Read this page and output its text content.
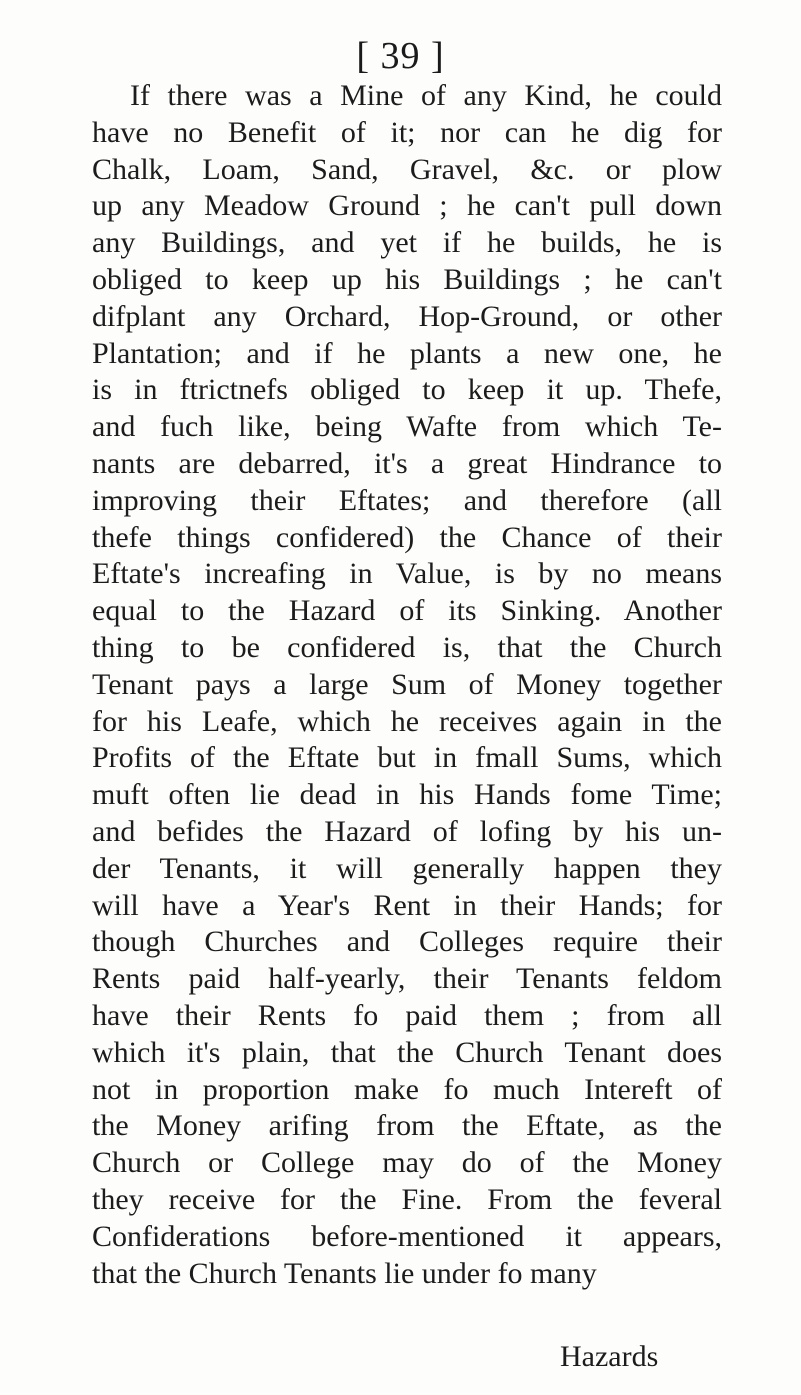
[ 39 ]
If there was a Mine of any Kind, he could
have no Benefit of it; nor can he dig for
Chalk, Loam, Sand, Gravel, &c. or plow
up any Meadow Ground ; he can't pull down
any Buildings, and yet if he builds, he is
obliged to keep up his Buildings ; he can't
difplant any Orchard, Hop-Ground, or other
Plantation; and if he plants a new one, he
is in ftrictnefs obliged to keep it up. Thefe,
and fuch like, being Wafte from which Te-
nants are debarred, it's a great Hindrance to
improving their Eftates; and therefore (all
thefe things confidered) the Chance of their
Eftate's increafing in Value, is by no means
equal to the Hazard of its Sinking. Another
thing to be confidered is, that the Church
Tenant pays a large Sum of Money together
for his Leafe, which he receives again in the
Profits of the Eftate but in fmall Sums, which
muft often lie dead in his Hands fome Time;
and befides the Hazard of lofing by his un-
der Tenants, it will generally happen they
will have a Year's Rent in their Hands; for
though Churches and Colleges require their
Rents paid half-yearly, their Tenants feldom
have their Rents fo paid them ; from all
which it's plain, that the Church Tenant does
not in proportion make fo much Intereft of
the Money arifing from the Eftate, as the
Church or College may do of the Money
they receive for the Fine. From the feveral
Confiderations before-mentioned it appears,
that the Church Tenants lie under fo many
Hazards
